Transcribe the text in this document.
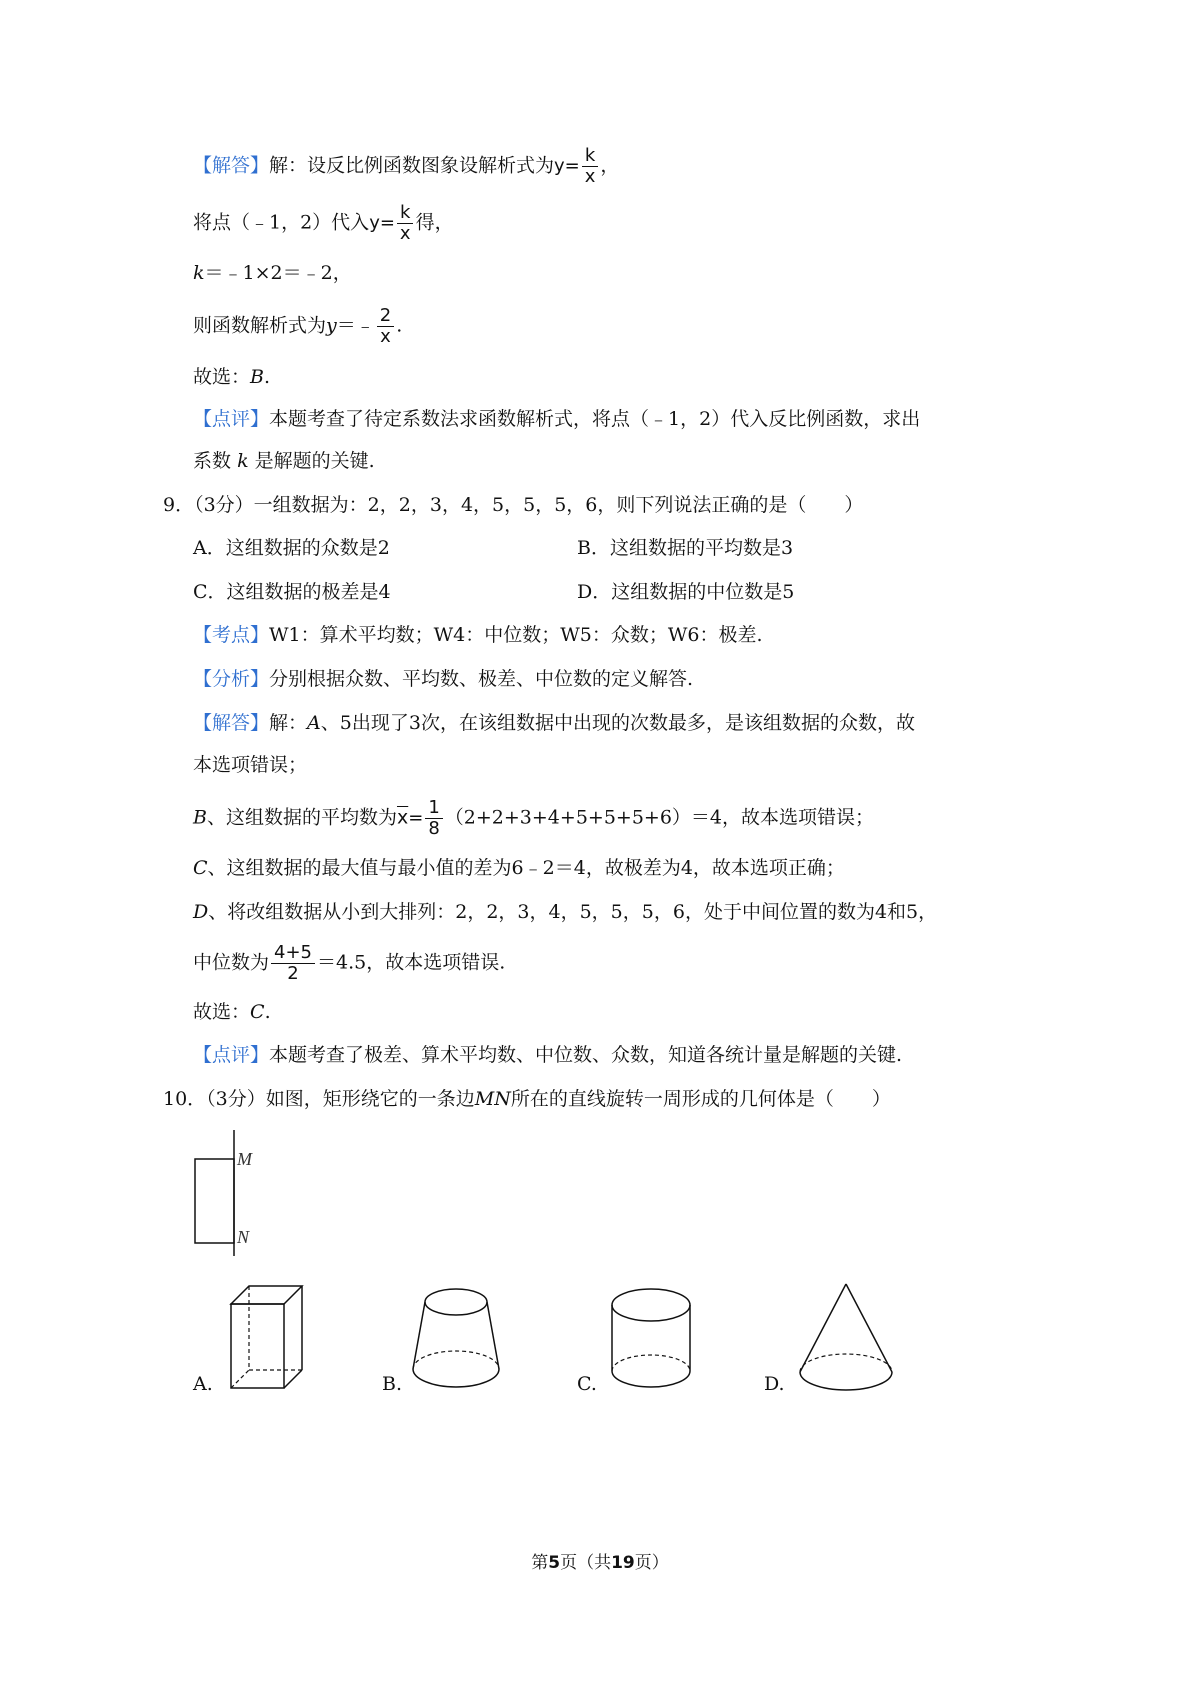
【解答】解：设反比例函数图象设解析式为$y= \frac{k}{x}$ ，
将点（﹣1，2）代入$y= \frac{k}{x}$ 得，
k＝﹣1×2＝﹣2，
则函数解析式为y＝﹣ $\frac{2}{x}$ .
故选：B.
【点评】本题考查了待定系数法求函数解析式，将点（﹣1，2）代入反比例函数，求出
系数 k 是解题的关键.
9．（3分）一组数据为：2，2，3，4，5，5，5，6，则下列说法正确的是（　　）
A．这组数据的众数是2	B．这组数据的平均数是3
C．这组数据的极差是4	D．这组数据的中位数是5
【考点】W1：算术平均数；W4：中位数；W5：众数；W6：极差.
【分析】分别根据众数、平均数、极差、中位数的定义解答.
【解答】解：A、5出现了3次，在该组数据中出现的次数最多，是该组数据的众数，故
本选项错误；
B、这组数据的平均数为$\overline{x}= \frac{1}{8} (2+2+3+4+5+5+5+6)=4$，故本选项错误；
C、这组数据的最大值与最小值的差为6﹣2＝4，故极差为4，故本选项正确；
D、将改组数据从小到大排列：2，2，3，4，5，5，5，6，处于中间位置的数为4和5，
中位数为 $\frac{4+5}{2} =4.5$，故本选项错误.
故选：C.
【点评】本题考查了极差、算术平均数、中位数、众数，知道各统计量是解题的关键.
10．（3分）如图，矩形绕它的一条边MN所在的直线旋转一周形成的几何体是（　　）
M
N
A.	B.	C.	D.
第5页（共19页）
